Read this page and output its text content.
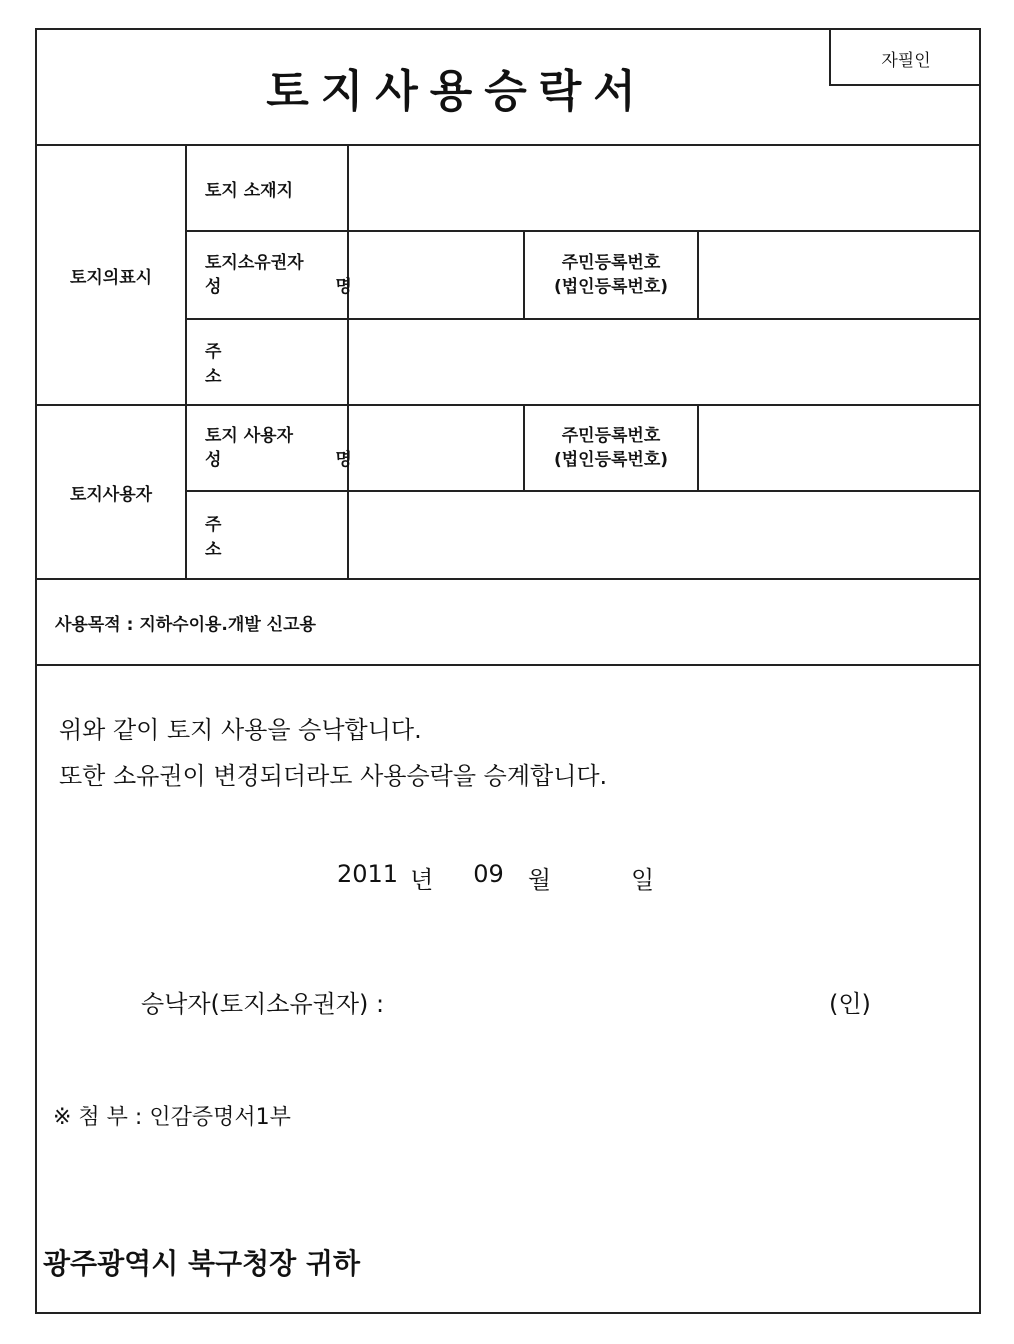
토지사용승락서
자필인
토지의표시
토지 소재지
토지소유권자
성 명
주민등록번호
(법인등록번호)
주 소
토지사용자
토지 사용자
성 명
주민등록번호
(법인등록번호)
주 소
사용목적 : 지하수이용.개발 신고용
위와 같이 토지 사용을 승낙합니다.
또한 소유권이 변경되더라도 사용승락을 승계합니다.
2011 년 09 월	일
승낙자(토지소유권자) :	(인)
※ 첨 부 : 인감증명서1부
광주광역시 북구청장 귀하
